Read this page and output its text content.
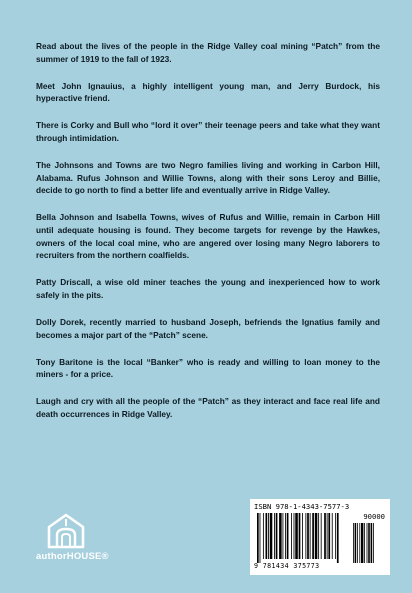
Read about the lives of the people in the Ridge Valley coal mining “Patch” from the summer of 1919 to the fall of 1923.

Meet John Ignauius, a highly intelligent young man, and Jerry Burdock, his hyperactive friend.

There is Corky and Bull who “lord it over” their teenage peers and take what they want through intimidation.

The Johnsons and Towns are two Negro families living and working in Carbon Hill, Alabama. Rufus Johnson and Willie Towns, along with their sons Leroy and Billie, decide to go north to find a better life and eventually arrive in Ridge Valley.

Bella Johnson and Isabella Towns, wives of Rufus and Willie, remain in Carbon Hill until adequate housing is found. They become targets for revenge by the Hawkes, owners of the local coal mine, who are angered over losing many Negro laborers to recruiters from the northern coalfields.

Patty Driscall, a wise old miner teaches the young and inexperienced how to work safely in the pits.

Dolly Dorek, recently married to husband Joseph, befriends the Ignatius family and becomes a major part of the “Patch” scene.

Tony Baritone is the local “Banker” who is ready and willing to loan money to the miners - for a price.

Laugh and cry with all the people of the “Patch” as they interact and face real life and death occurrences in Ridge Valley.

authorHOUSE®
ISBN 978-1-4343-7577-3
90000
9 781434 375773
